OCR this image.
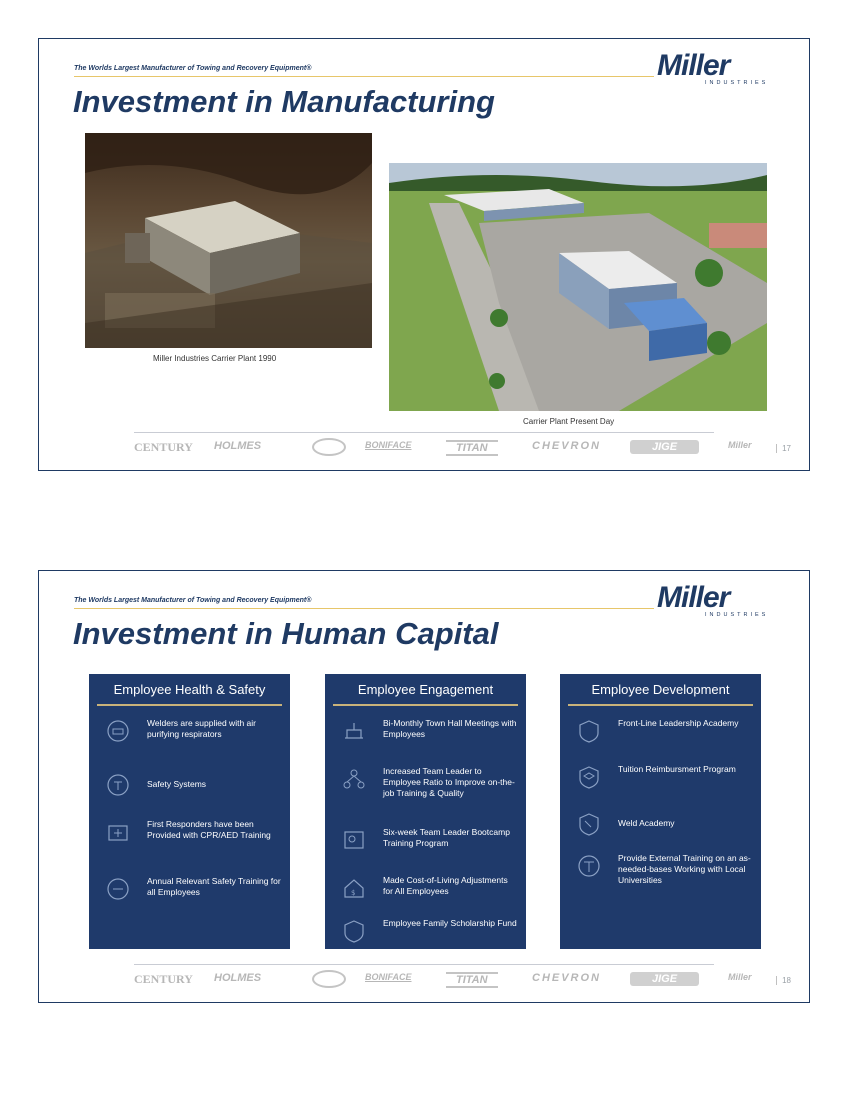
The Worlds Largest Manufacturer of Towing and Recovery Equipment®	Miller
INDUSTRIES
Investment in Manufacturing
Miller Industries Carrier Plant 1990
Carrier Plant Present Day
CENTURY HOLMES	BONIFACE	TITAN	CHEVRON	JIGE	Miller	17
The Worlds Largest Manufacturer of Towing and Recovery Equipment®	Miller
INDUSTRIES
Investment in Human Capital
Employee Health & Safety
Welders are supplied with air purifying respirators
Safety Systems
First Responders have been Provided with CPR/AED Training
Annual Relevant Safety Training for all Employees
Employee Engagement
Bi-Monthly Town Hall Meetings with Employees
Increased Team Leader to Employee Ratio to Improve on-the-job Training & Quality
Six-week Team Leader Bootcamp Training Program
$
Made Cost-of-Living Adjustments for All Employees
Employee Family Scholarship Fund
Employee Development
Front-Line Leadership Academy
Tuition Reimbursment Program
Weld Academy
Provide External Training on an as-needed-bases Working with Local Universities
CENTURY HOLMES	BONIFACE	TITAN	CHEVRON	JIGE	Miller	18
